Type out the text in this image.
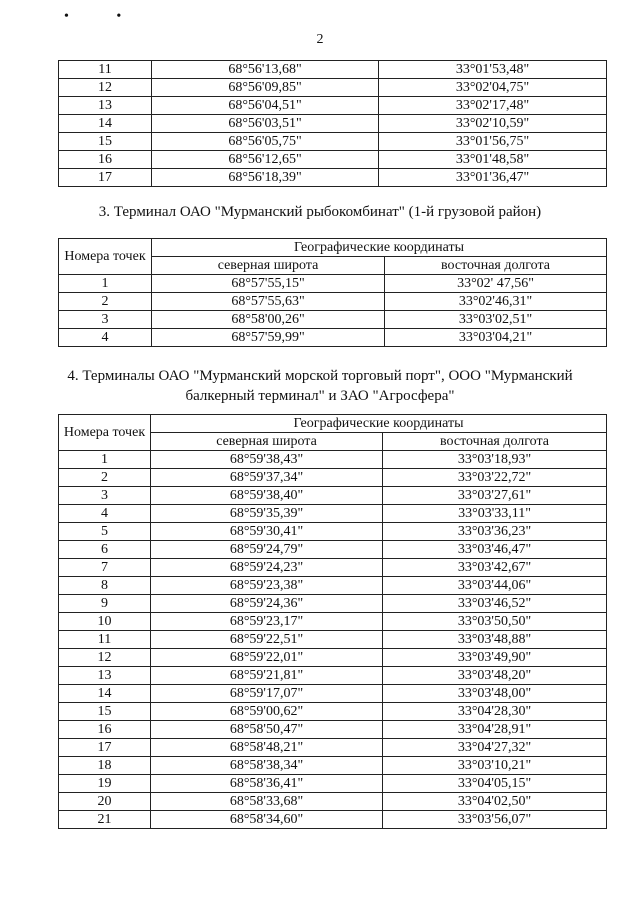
• •
2
11	68°56'13,68"	33°01'53,48"
12	68°56'09,85"	33°02'04,75"
13	68°56'04,51"	33°02'17,48"
14	68°56'03,51"	33°02'10,59"
15	68°56'05,75"	33°01'56,75"
16	68°56'12,65"	33°01'48,58"
17	68°56'18,39"	33°01'36,47"
3. Терминал ОАО "Мурманский рыбокомбинат" (1-й грузовой район)
Номера точек	Географические координаты	
	северная широта	восточная долгота
1	68°57'55,15"	33°02' 47,56"
2	68°57'55,63"	33°02'46,31"
3	68°58'00,26"	33°03'02,51"
4	68°57'59,99"	33°03'04,21"
4. Терминалы ОАО "Мурманский морской торговый порт", ООО "Мурманский
балкерный терминал" и ЗАО "Агросфера"
Номера точек	Географические координаты	
	северная широта	восточная долгота
1	68°59'38,43"	33°03'18,93"
2	68°59'37,34"	33°03'22,72"
3	68°59'38,40"	33°03'27,61"
4	68°59'35,39"	33°03'33,11"
5	68°59'30,41"	33°03'36,23"
6	68°59'24,79"	33°03'46,47"
7	68°59'24,23"	33°03'42,67"
8	68°59'23,38"	33°03'44,06"
9	68°59'24,36"	33°03'46,52"
10	68°59'23,17"	33°03'50,50"
11	68°59'22,51"	33°03'48,88"
12	68°59'22,01"	33°03'49,90"
13	68°59'21,81"	33°03'48,20"
14	68°59'17,07"	33°03'48,00"
15	68°59'00,62"	33°04'28,30"
16	68°58'50,47"	33°04'28,91"
17	68°58'48,21"	33°04'27,32"
18	68°58'38,34"	33°03'10,21"
19	68°58'36,41"	33°04'05,15"
20	68°58'33,68"	33°04'02,50"
21	68°58'34,60"	33°03'56,07"
